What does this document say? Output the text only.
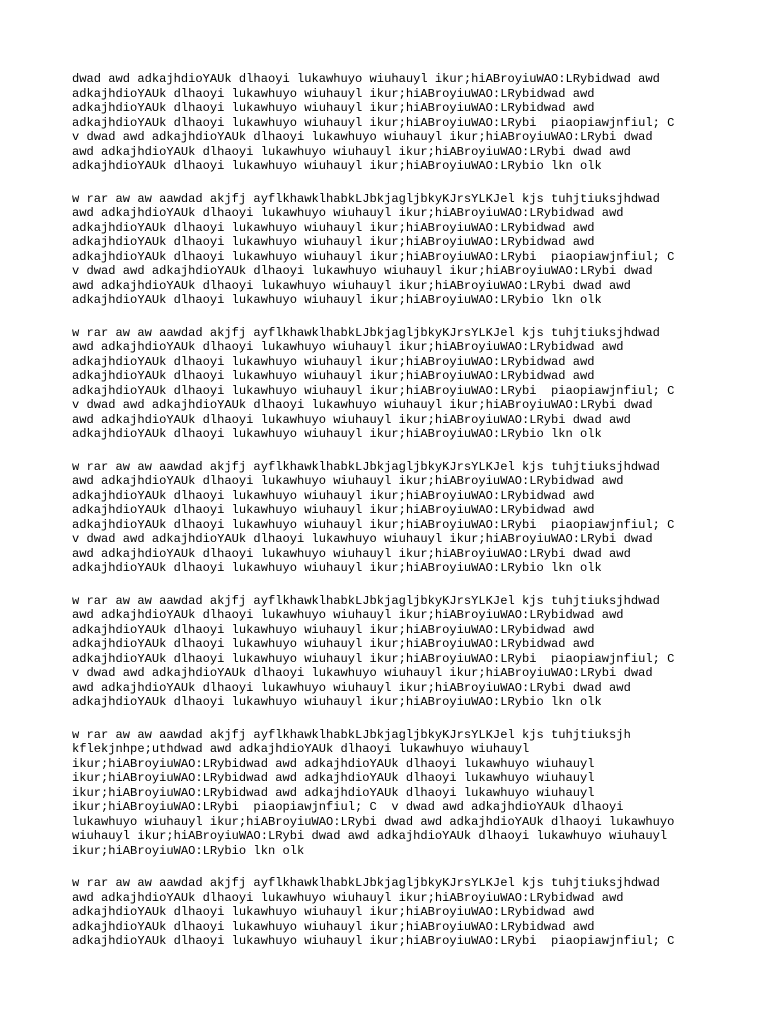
dwad awd adkajhdioYAUk dlhaoyi lukawhuyo wiuhauyl ikur;hiABroyiuWAO:LRybidwad awd
adkajhdioYAUk dlhaoyi lukawhuyo wiuhauyl ikur;hiABroyiuWAO:LRybidwad awd
adkajhdioYAUk dlhaoyi lukawhuyo wiuhauyl ikur;hiABroyiuWAO:LRybidwad awd
adkajhdioYAUk dlhaoyi lukawhuyo wiuhauyl ikur;hiABroyiuWAO:LRybi  piaopiawjnfiul; C
v dwad awd adkajhdioYAUk dlhaoyi lukawhuyo wiuhauyl ikur;hiABroyiuWAO:LRybi dwad
awd adkajhdioYAUk dlhaoyi lukawhuyo wiuhauyl ikur;hiABroyiuWAO:LRybi dwad awd
adkajhdioYAUk dlhaoyi lukawhuyo wiuhauyl ikur;hiABroyiuWAO:LRybio lkn olk
w rar aw aw aawdad akjfj ayflkhawklhabkLJbkjagljbkyKJrsYLKJel kjs tuhjtiuksjhdwad
awd adkajhdioYAUk dlhaoyi lukawhuyo wiuhauyl ikur;hiABroyiuWAO:LRybidwad awd
adkajhdioYAUk dlhaoyi lukawhuyo wiuhauyl ikur;hiABroyiuWAO:LRybidwad awd
adkajhdioYAUk dlhaoyi lukawhuyo wiuhauyl ikur;hiABroyiuWAO:LRybidwad awd
adkajhdioYAUk dlhaoyi lukawhuyo wiuhauyl ikur;hiABroyiuWAO:LRybi  piaopiawjnfiul; C
v dwad awd adkajhdioYAUk dlhaoyi lukawhuyo wiuhauyl ikur;hiABroyiuWAO:LRybi dwad
awd adkajhdioYAUk dlhaoyi lukawhuyo wiuhauyl ikur;hiABroyiuWAO:LRybi dwad awd
adkajhdioYAUk dlhaoyi lukawhuyo wiuhauyl ikur;hiABroyiuWAO:LRybio lkn olk
w rar aw aw aawdad akjfj ayflkhawklhabkLJbkjagljbkyKJrsYLKJel kjs tuhjtiuksjhdwad
awd adkajhdioYAUk dlhaoyi lukawhuyo wiuhauyl ikur;hiABroyiuWAO:LRybidwad awd
adkajhdioYAUk dlhaoyi lukawhuyo wiuhauyl ikur;hiABroyiuWAO:LRybidwad awd
adkajhdioYAUk dlhaoyi lukawhuyo wiuhauyl ikur;hiABroyiuWAO:LRybidwad awd
adkajhdioYAUk dlhaoyi lukawhuyo wiuhauyl ikur;hiABroyiuWAO:LRybi  piaopiawjnfiul; C
v dwad awd adkajhdioYAUk dlhaoyi lukawhuyo wiuhauyl ikur;hiABroyiuWAO:LRybi dwad
awd adkajhdioYAUk dlhaoyi lukawhuyo wiuhauyl ikur;hiABroyiuWAO:LRybi dwad awd
adkajhdioYAUk dlhaoyi lukawhuyo wiuhauyl ikur;hiABroyiuWAO:LRybio lkn olk
w rar aw aw aawdad akjfj ayflkhawklhabkLJbkjagljbkyKJrsYLKJel kjs tuhjtiuksjhdwad
awd adkajhdioYAUk dlhaoyi lukawhuyo wiuhauyl ikur;hiABroyiuWAO:LRybidwad awd
adkajhdioYAUk dlhaoyi lukawhuyo wiuhauyl ikur;hiABroyiuWAO:LRybidwad awd
adkajhdioYAUk dlhaoyi lukawhuyo wiuhauyl ikur;hiABroyiuWAO:LRybidwad awd
adkajhdioYAUk dlhaoyi lukawhuyo wiuhauyl ikur;hiABroyiuWAO:LRybi  piaopiawjnfiul; C
v dwad awd adkajhdioYAUk dlhaoyi lukawhuyo wiuhauyl ikur;hiABroyiuWAO:LRybi dwad
awd adkajhdioYAUk dlhaoyi lukawhuyo wiuhauyl ikur;hiABroyiuWAO:LRybi dwad awd
adkajhdioYAUk dlhaoyi lukawhuyo wiuhauyl ikur;hiABroyiuWAO:LRybio lkn olk
w rar aw aw aawdad akjfj ayflkhawklhabkLJbkjagljbkyKJrsYLKJel kjs tuhjtiuksjhdwad
awd adkajhdioYAUk dlhaoyi lukawhuyo wiuhauyl ikur;hiABroyiuWAO:LRybidwad awd
adkajhdioYAUk dlhaoyi lukawhuyo wiuhauyl ikur;hiABroyiuWAO:LRybidwad awd
adkajhdioYAUk dlhaoyi lukawhuyo wiuhauyl ikur;hiABroyiuWAO:LRybidwad awd
adkajhdioYAUk dlhaoyi lukawhuyo wiuhauyl ikur;hiABroyiuWAO:LRybi  piaopiawjnfiul; C
v dwad awd adkajhdioYAUk dlhaoyi lukawhuyo wiuhauyl ikur;hiABroyiuWAO:LRybi dwad
awd adkajhdioYAUk dlhaoyi lukawhuyo wiuhauyl ikur;hiABroyiuWAO:LRybi dwad awd
adkajhdioYAUk dlhaoyi lukawhuyo wiuhauyl ikur;hiABroyiuWAO:LRybio lkn olk
w rar aw aw aawdad akjfj ayflkhawklhabkLJbkjagljbkyKJrsYLKJel kjs tuhjtiuksjh
kflekjnhpe;uthdwad awd adkajhdioYAUk dlhaoyi lukawhuyo wiuhauyl
ikur;hiABroyiuWAO:LRybidwad awd adkajhdioYAUk dlhaoyi lukawhuyo wiuhauyl
ikur;hiABroyiuWAO:LRybidwad awd adkajhdioYAUk dlhaoyi lukawhuyo wiuhauyl
ikur;hiABroyiuWAO:LRybidwad awd adkajhdioYAUk dlhaoyi lukawhuyo wiuhauyl
ikur;hiABroyiuWAO:LRybi  piaopiawjnfiul; C  v dwad awd adkajhdioYAUk dlhaoyi
lukawhuyo wiuhauyl ikur;hiABroyiuWAO:LRybi dwad awd adkajhdioYAUk dlhaoyi lukawhuyo
wiuhauyl ikur;hiABroyiuWAO:LRybi dwad awd adkajhdioYAUk dlhaoyi lukawhuyo wiuhauyl
ikur;hiABroyiuWAO:LRybio lkn olk
w rar aw aw aawdad akjfj ayflkhawklhabkLJbkjagljbkyKJrsYLKJel kjs tuhjtiuksjhdwad
awd adkajhdioYAUk dlhaoyi lukawhuyo wiuhauyl ikur;hiABroyiuWAO:LRybidwad awd
adkajhdioYAUk dlhaoyi lukawhuyo wiuhauyl ikur;hiABroyiuWAO:LRybidwad awd
adkajhdioYAUk dlhaoyi lukawhuyo wiuhauyl ikur;hiABroyiuWAO:LRybidwad awd
adkajhdioYAUk dlhaoyi lukawhuyo wiuhauyl ikur;hiABroyiuWAO:LRybi  piaopiawjnfiul; C
